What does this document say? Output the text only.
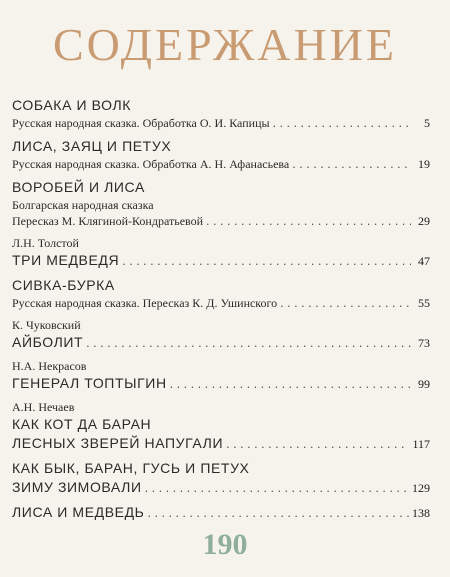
СОДЕРЖАНИЕ
СОБАКА И ВОЛК
Русская народная сказка. Обработка О. И. Капицы . . .	5
ЛИСА, ЗАЯЦ И ПЕТУХ
Русская народная сказка. Обработка А. Н. Афанасьева . . .	19
ВОРОБЕЙ И ЛИСА
Болгарская народная сказка
Пересказ М. Клягиной-Кондратьевой . . .	29
Л.Н. Толстой
ТРИ МЕДВЕДЯ . . .	47
СИВКА-БУРКА
Русская народная сказка. Пересказ К. Д. Ушинского . . .	55
К. Чуковский
АЙБОЛИТ . . .	73
Н.А. Некрасов
ГЕНЕРАЛ ТОПТЫГИН . . .	99
А.Н. Нечаев
КАК КОТ ДА БАРАН
ЛЕСНЫХ ЗВЕРЕЙ НАПУГАЛИ . . .	117
КАК БЫК, БАРАН, ГУСЬ И ПЕТУХ
ЗИМУ ЗИМОВАЛИ . . .	129
ЛИСА И МЕДВЕДЬ . . .	138
190
